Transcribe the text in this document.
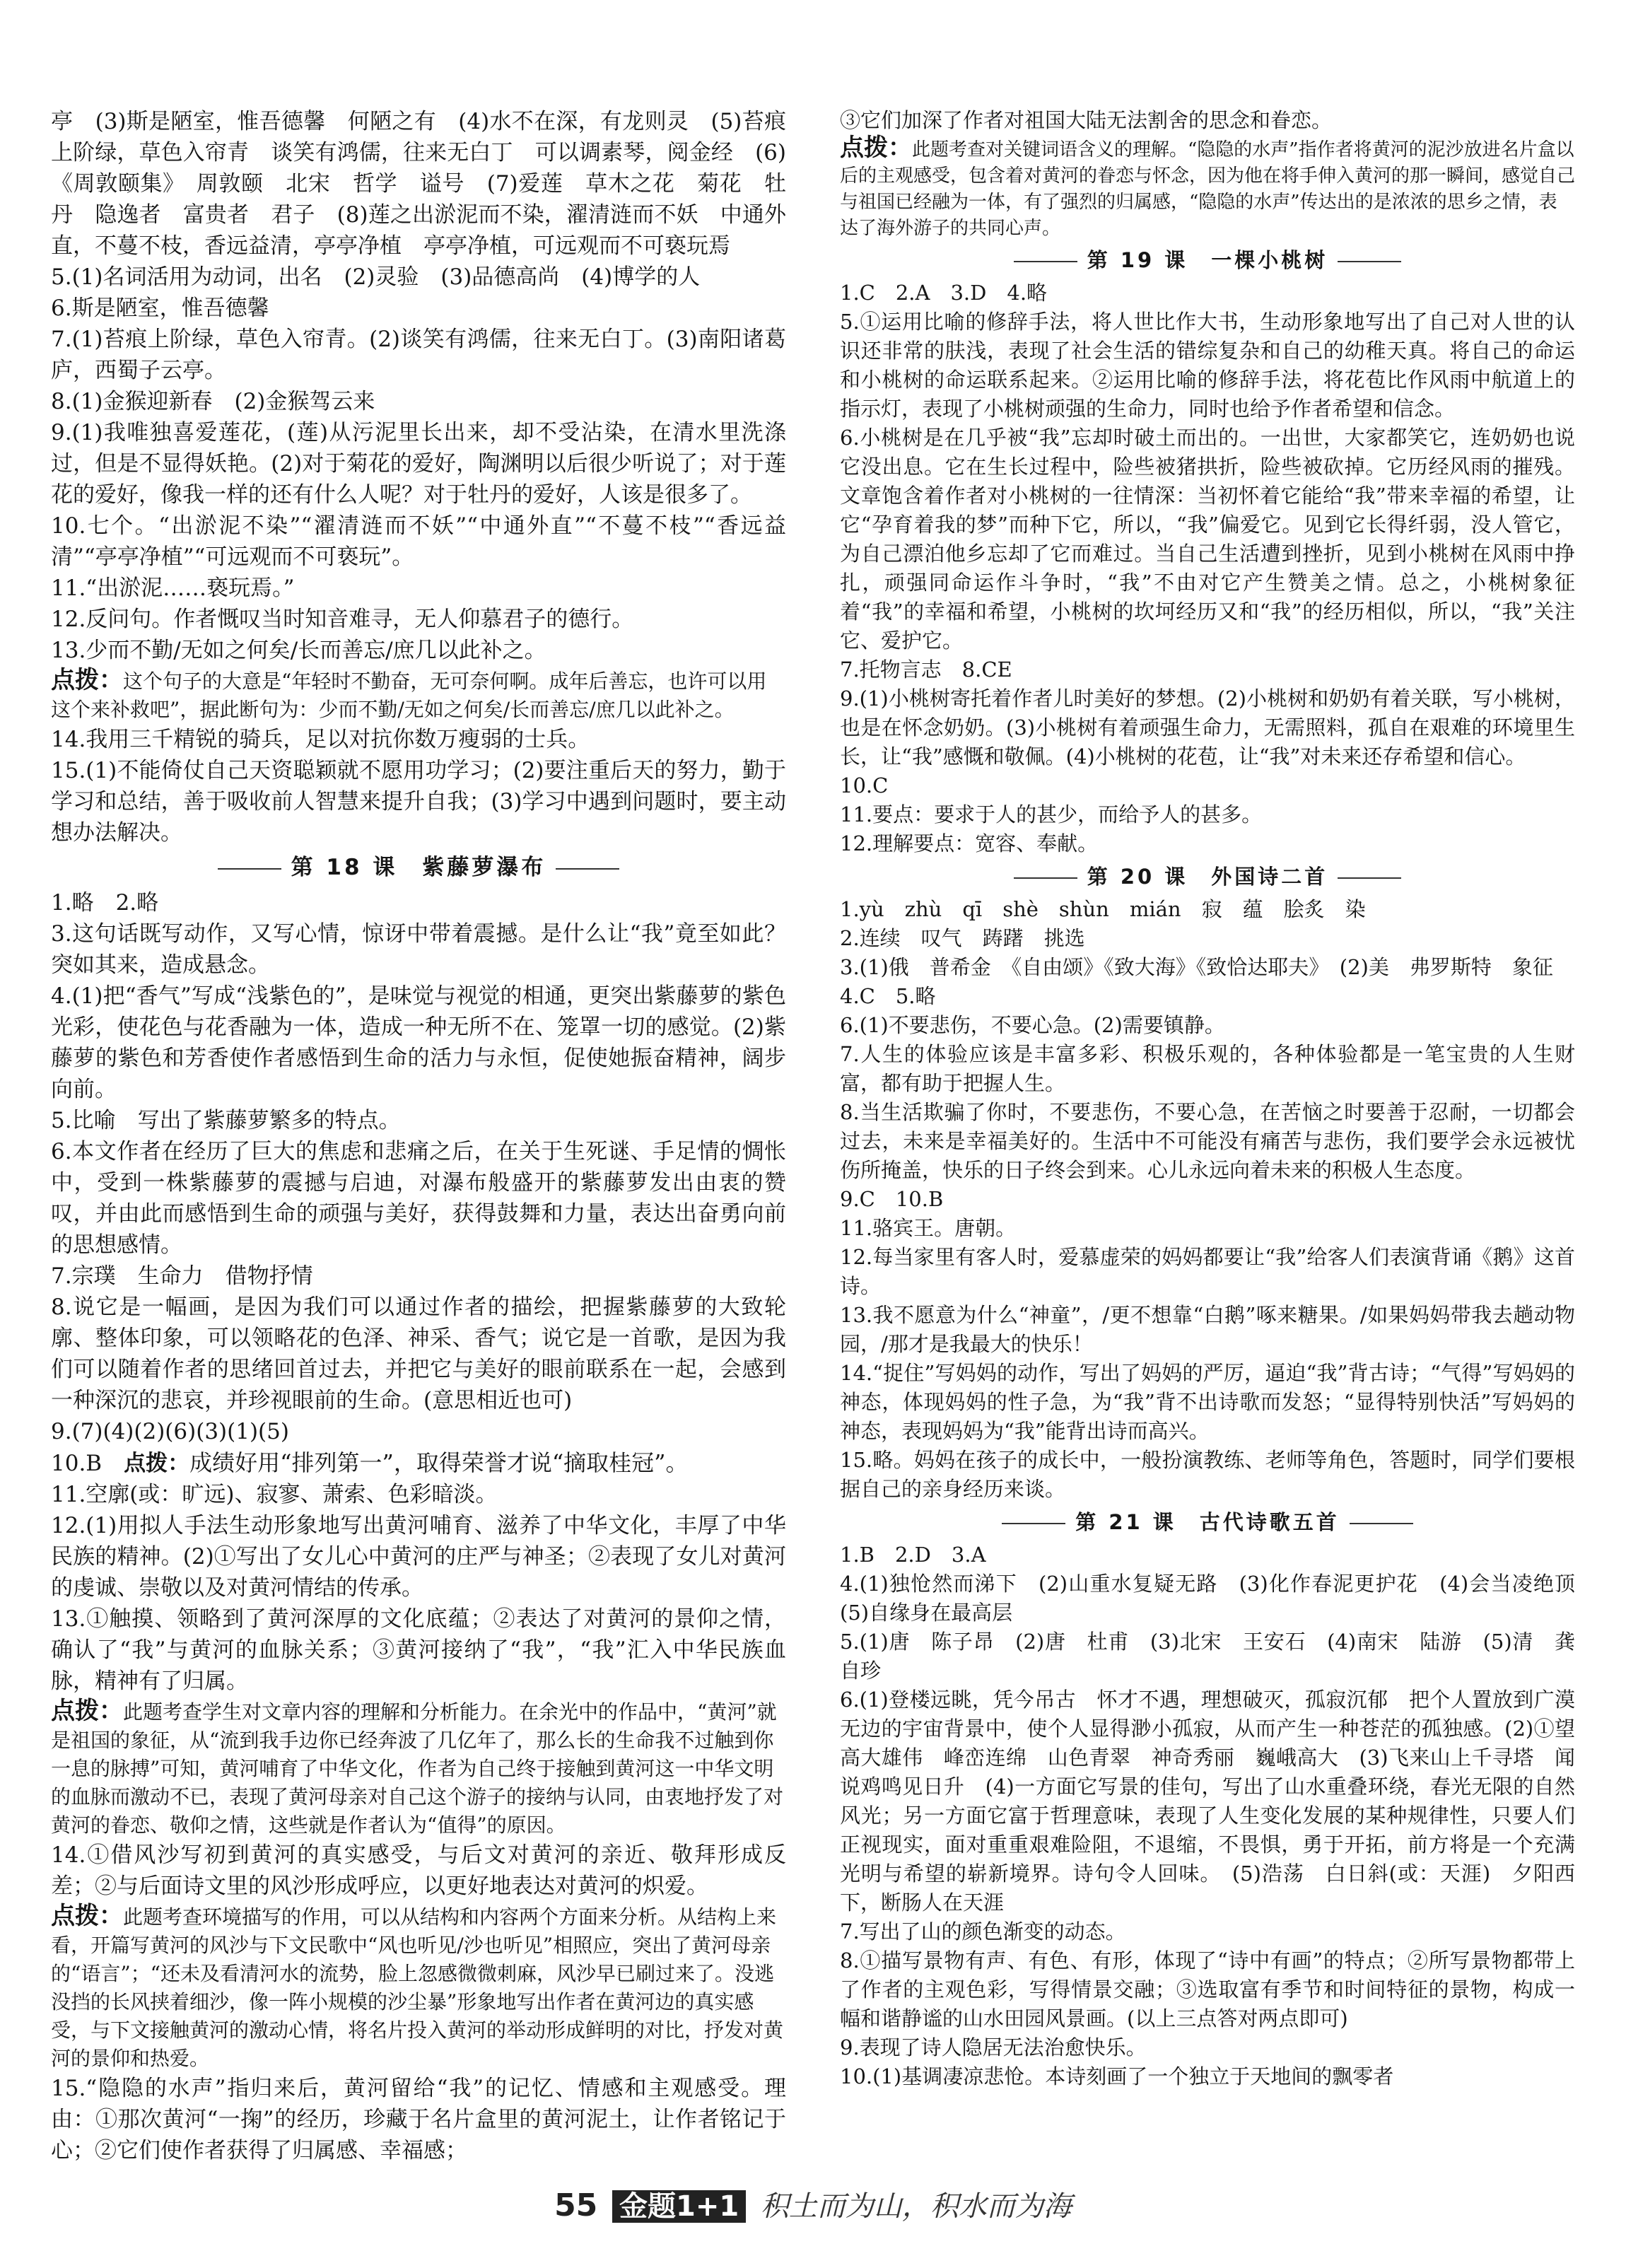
亭　(3)斯是陋室，惟吾德馨　何陋之有　(4)水不在深，有龙则灵　(5)苔痕上阶绿，草色入帘青　谈笑有鸿儒，往来无白丁　可以调素琴，阅金经　(6)《周敦颐集》　周敦颐　北宋　哲学　谥号　(7)爱莲　草木之花　菊花　牡丹　隐逸者　富贵者　君子　(8)莲之出淤泥而不染，濯清涟而不妖　中通外直，不蔓不枝，香远益清，亭亭净植　亭亭净植，可远观而不可亵玩焉

5.(1)名词活用为动词，出名　(2)灵验　(3)品德高尚　(4)博学的人

6.斯是陋室，惟吾德馨

7.(1)苔痕上阶绿，草色入帘青。(2)谈笑有鸿儒，往来无白丁。(3)南阳诸葛庐，西蜀子云亭。

8.(1)金猴迎新春　(2)金猴驾云来

9.(1)我唯独喜爱莲花，(莲)从污泥里长出来，却不受沾染，在清水里洗涤过，但是不显得妖艳。(2)对于菊花的爱好，陶渊明以后很少听说了；对于莲花的爱好，像我一样的还有什么人呢？对于牡丹的爱好，人该是很多了。

10.七个。“出淤泥不染”“濯清涟而不妖”“中通外直”“不蔓不枝”“香远益清”“亭亭净植”“可远观而不可亵玩”。

11.“出淤泥……亵玩焉。”

12.反问句。作者慨叹当时知音难寻，无人仰慕君子的德行。

13.少而不勤/无如之何矣/长而善忘/庶几以此补之。

点拨：这个句子的大意是“年轻时不勤奋，无可奈何啊。成年后善忘，也许可以用这个来补救吧”，据此断句为：少而不勤/无如之何矣/长而善忘/庶几以此补之。

14.我用三千精锐的骑兵，足以对抗你数万瘦弱的士兵。

15.(1)不能倚仗自己天资聪颖就不愿用功学习；(2)要注重后天的努力，勤于学习和总结，善于吸收前人智慧来提升自我；(3)学习中遇到问题时，要主动想办法解决。

第 18 课　紫藤萝瀑布

1.略　2.略

3.这句话既写动作，又写心情，惊讶中带着震撼。是什么让“我”竟至如此？突如其来，造成悬念。

4.(1)把“香气”写成“浅紫色的”，是味觉与视觉的相通，更突出紫藤萝的紫色光彩，使花色与花香融为一体，造成一种无所不在、笼罩一切的感觉。(2)紫藤萝的紫色和芳香使作者感悟到生命的活力与永恒，促使她振奋精神，阔步向前。

5.比喻　写出了紫藤萝繁多的特点。

6.本文作者在经历了巨大的焦虑和悲痛之后，在关于生死谜、手足情的惆怅中，受到一株紫藤萝的震撼与启迪，对瀑布般盛开的紫藤萝发出由衷的赞叹，并由此而感悟到生命的顽强与美好，获得鼓舞和力量，表达出奋勇向前的思想感情。

7.宗璞　生命力　借物抒情

8.说它是一幅画，是因为我们可以通过作者的描绘，把握紫藤萝的大致轮廓、整体印象，可以领略花的色泽、神采、香气；说它是一首歌，是因为我们可以随着作者的思绪回首过去，并把它与美好的眼前联系在一起，会感到一种深沉的悲哀，并珍视眼前的生命。(意思相近也可)

9.(7)(4)(2)(6)(3)(1)(5)

10.B　 点拨：成绩好用“排列第一”，取得荣誉才说“摘取桂冠”。

11.空廓(或：旷远)、寂寥、萧索、色彩暗淡。

12.(1)用拟人手法生动形象地写出黄河哺育、滋养了中华文化，丰厚了中华民族的精神。(2)①写出了女儿心中黄河的庄严与神圣；②表现了女儿对黄河的虔诚、崇敬以及对黄河情结的传承。

13.①触摸、领略到了黄河深厚的文化底蕴；②表达了对黄河的景仰之情，确认了“我”与黄河的血脉关系；③黄河接纳了“我”，“我”汇入中华民族血脉，精神有了归属。

点拨：此题考查学生对文章内容的理解和分析能力。在余光中的作品中，“黄河”就是祖国的象征，从“流到我手边你已经奔波了几亿年了，那么长的生命我不过触到你一息的脉搏”可知，黄河哺育了中华文化，作者为自己终于接触到黄河这一中华文明的血脉而激动不已，表现了黄河母亲对自己这个游子的接纳与认同，由衷地抒发了对黄河的眷恋、敬仰之情，这些就是作者认为“值得”的原因。

14.①借风沙写初到黄河的真实感受，与后文对黄河的亲近、敬拜形成反差；②与后面诗文里的风沙形成呼应，以更好地表达对黄河的炽爱。

点拨：此题考查环境描写的作用，可以从结构和内容两个方面来分析。从结构上来看，开篇写黄河的风沙与下文民歌中“风也听见/沙也听见”相照应，突出了黄河母亲的“语言”；“还未及看清河水的流势，脸上忽感微微刺麻，风沙早已刷过来了。没逃没挡的长风挟着细沙，像一阵小规模的沙尘暴”形象地写出作者在黄河边的真实感受，与下文接触黄河的激动心情，将名片投入黄河的举动形成鲜明的对比，抒发对黄河的景仰和热爱。

15.“隐隐的水声”指归来后，黄河留给“我”的记忆、情感和主观感受。理由：①那次黄河“一掬”的经历，珍藏于名片盒里的黄河泥土，让作者铭记于心；②它们使作者获得了归属感、幸福感；

③它们加深了作者对祖国大陆无法割舍的思念和眷恋。

点拨：此题考查对关键词语含义的理解。“隐隐的水声”指作者将黄河的泥沙放进名片盒以后的主观感受，包含着对黄河的眷恋与怀念，因为他在将手伸入黄河的那一瞬间，感觉自己与祖国已经融为一体，有了强烈的归属感，“隐隐的水声”传达出的是浓浓的思乡之情，表达了海外游子的共同心声。

第 19 课　一棵小桃树

1.C　2.A　3.D　4.略

5.①运用比喻的修辞手法，将人世比作大书，生动形象地写出了自己对人世的认识还非常的肤浅，表现了社会生活的错综复杂和自己的幼稚天真。将自己的命运和小桃树的命运联系起来。②运用比喻的修辞手法，将花苞比作风雨中航道上的指示灯，表现了小桃树顽强的生命力，同时也给予作者希望和信念。

6.小桃树是在几乎被“我”忘却时破土而出的。一出世，大家都笑它，连奶奶也说它没出息。它在生长过程中，险些被猪拱折，险些被砍掉。它历经风雨的摧残。文章饱含着作者对小桃树的一往情深：当初怀着它能给“我”带来幸福的希望，让它“孕育着我的梦”而种下它，所以，“我”偏爱它。见到它长得纤弱，没人管它，为自己漂泊他乡忘却了它而难过。当自己生活遭到挫折，见到小桃树在风雨中挣扎，顽强同命运作斗争时，“我”不由对它产生赞美之情。总之，小桃树象征着“我”的幸福和希望，小桃树的坎坷经历又和“我”的经历相似，所以，“我”关注它、爱护它。

7.托物言志　8.CE

9.(1)小桃树寄托着作者儿时美好的梦想。(2)小桃树和奶奶有着关联，写小桃树，也是在怀念奶奶。(3)小桃树有着顽强生命力，无需照料，孤自在艰难的环境里生长，让“我”感慨和敬佩。(4)小桃树的花苞，让“我”对未来还存希望和信心。

10.C

11.要点：要求于人的甚少，而给予人的甚多。

12.理解要点：宽容、奉献。

第 20 课　外国诗二首

1.yù　zhù　qī　shè　shùn　mián　寂　蕴　脍炙　染

2.连续　叹气　踌躇　挑选

3.(1)俄　普希金　《自由颂》《致大海》《致恰达耶夫》　(2)美　弗罗斯特　象征

4.C　5.略

6.(1)不要悲伤，不要心急。(2)需要镇静。

7.人生的体验应该是丰富多彩、积极乐观的，各种体验都是一笔宝贵的人生财富，都有助于把握人生。

8.当生活欺骗了你时，不要悲伤，不要心急，在苦恼之时要善于忍耐，一切都会过去，未来是幸福美好的。生活中不可能没有痛苦与悲伤，我们要学会永远被忧伤所掩盖，快乐的日子终会到来。心儿永远向着未来的积极人生态度。

9.C　10.B

11.骆宾王。唐朝。

12.每当家里有客人时，爱慕虚荣的妈妈都要让“我”给客人们表演背诵《鹅》这首诗。

13.我不愿意为什么“神童”，/更不想靠“白鹅”啄来糖果。/如果妈妈带我去趟动物园，/那才是我最大的快乐！

14.“捉住”写妈妈的动作，写出了妈妈的严厉，逼迫“我”背古诗；“气得”写妈妈的神态，体现妈妈的性子急，为“我”背不出诗歌而发怒；“显得特别快活”写妈妈的神态，表现妈妈为“我”能背出诗而高兴。

15.略。妈妈在孩子的成长中，一般扮演教练、老师等角色，答题时，同学们要根据自己的亲身经历来谈。

第 21 课　古代诗歌五首

1.B　2.D　3.A

4.(1)独怆然而涕下　(2)山重水复疑无路　(3)化作春泥更护花　(4)会当凌绝顶　(5)自缘身在最高层

5.(1)唐　陈子昂　(2)唐　杜甫　(3)北宋　王安石　(4)南宋　陆游　(5)清　龚自珍

6.(1)登楼远眺，凭今吊古　怀才不遇，理想破灭，孤寂沉郁　把个人置放到广漠无边的宇宙背景中，使个人显得渺小孤寂，从而产生一种苍茫的孤独感。(2)①望　高大雄伟　峰峦连绵　山色青翠　神奇秀丽　巍峨高大　(3)飞来山上千寻塔　闻说鸡鸣见日升　(4)一方面它写景的佳句，写出了山水重叠环绕，春光无限的自然风光；另一方面它富于哲理意味，表现了人生变化发展的某种规律性，只要人们正视现实，面对重重艰难险阻，不退缩，不畏惧，勇于开拓，前方将是一个充满光明与希望的崭新境界。诗句令人回味。　(5)浩荡　白日斜(或：天涯)　夕阳西下，断肠人在天涯

7.写出了山的颜色渐变的动态。

8.①描写景物有声、有色、有形，体现了“诗中有画”的特点；②所写景物都带上了作者的主观色彩，写得情景交融；③选取富有季节和时间特征的景物，构成一幅和谐静谧的山水田园风景画。(以上三点答对两点即可)

9.表现了诗人隐居无法治愈快乐。

10.(1)基调凄凉悲怆。本诗刻画了一个独立于天地间的飘零者

55 金题1+1 积土而为山，积水而为海
